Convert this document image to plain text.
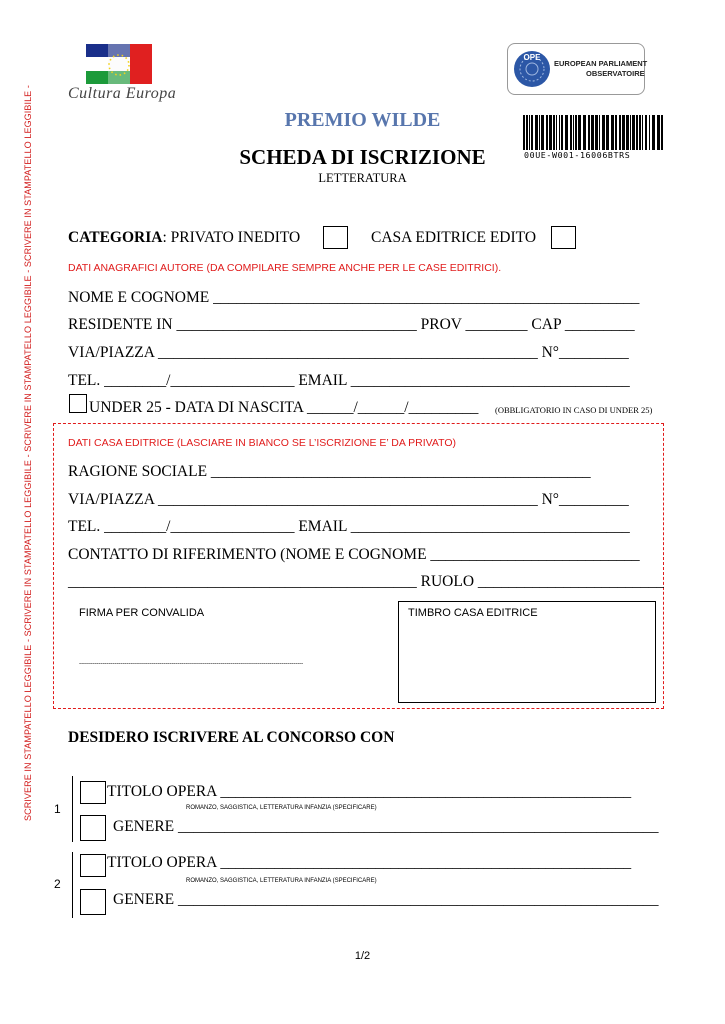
SCRIVERE IN STAMPATELLO LEGGIBILE - SCRIVERE IN STAMPATELLO LEGGIBILE - SCRIVERE IN STAMPATELLO LEGGIBILE - SCRIVERE IN STAMPATELLO LEGGIBILE - Cultura Europa
OPE
EUROPEAN PARLIAMENT
OBSERVATOIRE
00UE-W001-16006BTRS
PREMIO WILDE
SCHEDA DI ISCRIZIONE
LETTERATURA
CATEGORIA: PRIVATO INEDITO	CASA EDITRICE EDITO
DATI ANAGRAFICI AUTORE (DA COMPILARE SEMPRE ANCHE PER LE CASE EDITRICI).
NOME E COGNOME _______________________________________________________
RESIDENTE IN _______________________________ PROV ________ CAP _________
VIA/PIAZZA _________________________________________________ N°_________
TEL. ________/________________ EMAIL ____________________________________
UNDER 25 - DATA DI NASCITA ______/______/_________ (OBBLIGATORIO IN CASO DI UNDER 25)
DATI CASA EDITRICE (LASCIARE IN BIANCO SE L’ISCRIZIONE E’ DA PRIVATO)
RAGIONE SOCIALE _________________________________________________
VIA/PIAZZA _________________________________________________ N°_________
TEL. ________/________________ EMAIL ____________________________________
CONTATTO DI RIFERIMENTO (NOME E COGNOME ___________________________
_____________________________________________ RUOLO ________________________
FIRMA PER CONVALIDA
------------------------------------------------------------------------------------------------------------------
TIMBRO CASA EDITRICE
DESIDERO ISCRIVERE AL CONCORSO CON
1
TITOLO OPERA _____________________________________________________
ROMANZO, SAGGISTICA, LETTERATURA INFANZIA (SPECIFICARE)
GENERE ______________________________________________________________
2
TITOLO OPERA _____________________________________________________
ROMANZO, SAGGISTICA, LETTERATURA INFANZIA (SPECIFICARE)
GENERE ______________________________________________________________
1/2
